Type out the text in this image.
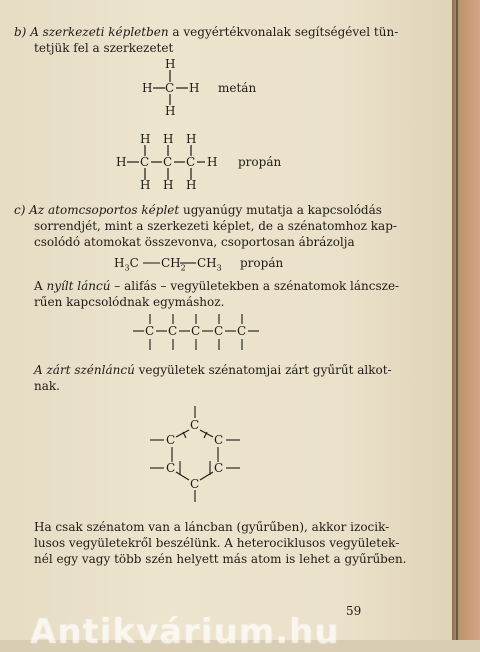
b) A szerkezeti képletben a vegyértékvonalak segítségével tün-
tetjük fel a szerkezetet
H
H C H
H
metán
H H H
H C C C H
H H H
propán
c) Az atomcsoportos képlet ugyanúgy mutatja a kapcsolódás
sorrendjét, mint a szerkezeti képlet, de a szénatomhoz kap-
csolódó atomokat összevonva, csoportosan ábrázolja
$H_3C$ $CH_2$ $CH_3$ propán
A nyílt láncú – alifás – vegyületekben a szénatomok láncsze-
rűen kapcsolódnak egymáshoz.
C C C C C
A zárt szénláncú vegyületek szénatomjai zárt gyűrűt alkot-
nak.
C
C	C
C	C
C
Ha csak szénatom van a láncban (gyűrűben), akkor izocik-
lusos vegyületekről beszélünk. A heterociklusos vegyületek-
nél egy vagy több szén helyett más atom is lehet a gyűrűben.
59
Antikvárium.hu
